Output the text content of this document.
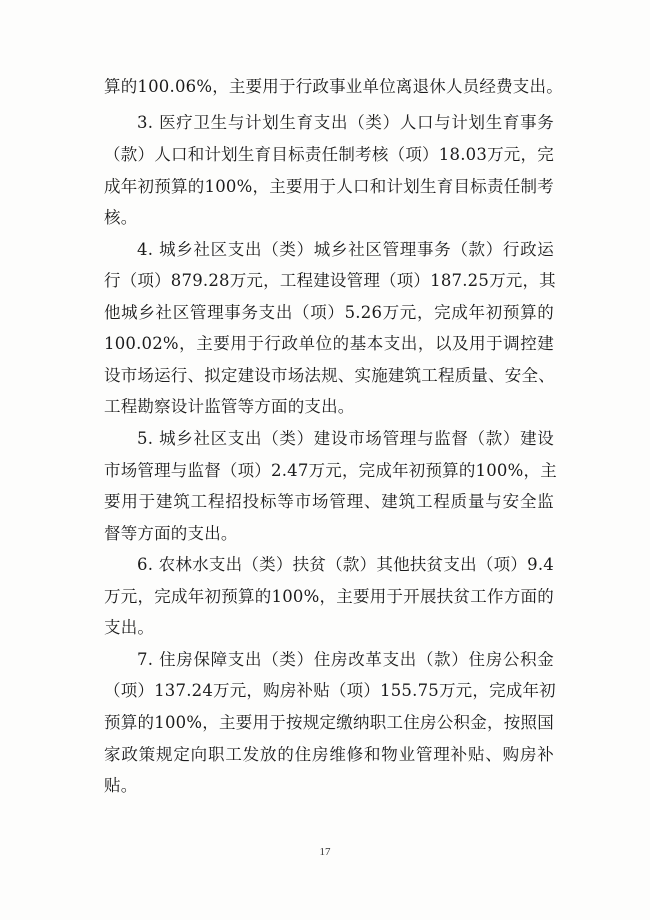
算的100.06%，主要用于行政事业单位离退休人员经费支出。
3. 医疗卫生与计划生育支出（类）人口与计划生育事务
（款）人口和计划生育目标责任制考核（项）18.03万元，完
成年初预算的100%，主要用于人口和计划生育目标责任制考
核。
4. 城乡社区支出（类）城乡社区管理事务（款）行政运
行（项）879.28万元，工程建设管理（项）187.25万元，其
他城乡社区管理事务支出（项）5.26万元，完成年初预算的
100.02%，主要用于行政单位的基本支出，以及用于调控建
设市场运行、拟定建设市场法规、实施建筑工程质量、安全、
工程勘察设计监管等方面的支出。
5. 城乡社区支出（类）建设市场管理与监督（款）建设
市场管理与监督（项）2.47万元，完成年初预算的100%，主
要用于建筑工程招投标等市场管理、建筑工程质量与安全监
督等方面的支出。
6. 农林水支出（类）扶贫（款）其他扶贫支出（项）9.4
万元，完成年初预算的100%，主要用于开展扶贫工作方面的
支出。
7. 住房保障支出（类）住房改革支出（款）住房公积金
（项）137.24万元，购房补贴（项）155.75万元，完成年初
预算的100%，主要用于按规定缴纳职工住房公积金，按照国
家政策规定向职工发放的住房维修和物业管理补贴、购房补
贴。
17
